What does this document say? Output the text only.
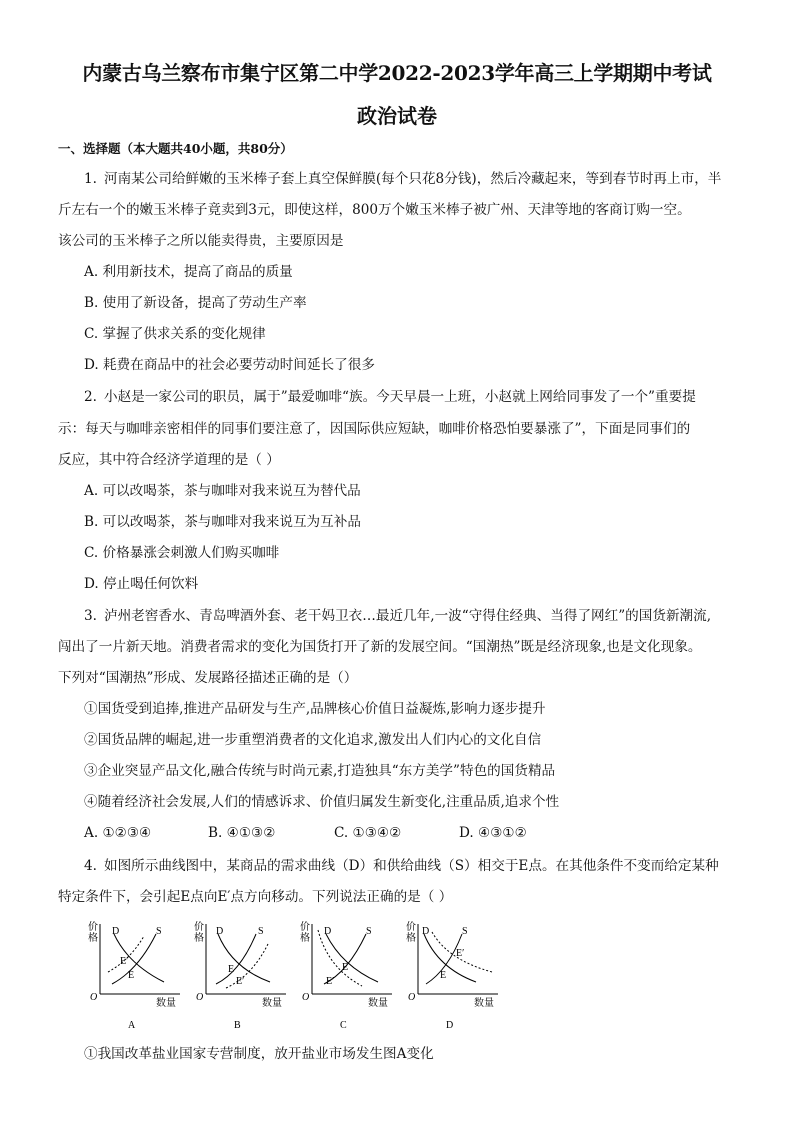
内蒙古乌兰察布市集宁区第二中学2022-2023学年高三上学期期中考试
政治试卷
一、选择题（本大题共40小题，共80分）
1. 河南某公司给鲜嫩的玉米棒子套上真空保鲜膜(每个只花8分钱)，然后冷藏起来，等到春节时再上市，半
斤左右一个的嫩玉米棒子竟卖到3元，即使这样，800万个嫩玉米棒子被广州、天津等地的客商订购一空。
该公司的玉米棒子之所以能卖得贵，主要原因是
A. 利用新技术，提高了商品的质量
B. 使用了新设备，提高了劳动生产率
C. 掌握了供求关系的变化规律
D. 耗费在商品中的社会必要劳动时间延长了很多
2. 小赵是一家公司的职员，属于”最爱咖啡“族。今天早晨一上班，小赵就上网给同事发了一个”重要提
示：每天与咖啡亲密相伴的同事们要注意了，因国际供应短缺，咖啡价格恐怕要暴涨了”，下面是同事们的
反应，其中符合经济学道理的是（ ）
A. 可以改喝茶，茶与咖啡对我来说互为替代品
B. 可以改喝茶，茶与咖啡对我来说互为互补品
C. 价格暴涨会刺激人们购买咖啡
D. 停止喝任何饮料
3. 泸州老窖香水、青岛啤酒外套、老干妈卫衣…最近几年,一波“守得住经典、当得了网红”的国货新潮流,
闯出了一片新天地。消费者需求的变化为国货打开了新的发展空间。“国潮热”既是经济现象,也是文化现象。
下列对“国潮热”形成、发展路径描述正确的是（）
①国货受到追捧,推进产品研发与生产,品牌核心价值日益凝炼,影响力逐步提升
②国货品牌的崛起,进一步重塑消费者的文化追求,激发出人们内心的文化自信
③企业突显产品文化,融合传统与时尚元素,打造独具“东方美学”特色的国货精品
④随着经济社会发展,人们的情感诉求、价值归属发生新变化,注重品质,追求个性
A. ①②③④	B. ④①③②	C. ①③④②	D. ④③①②
4. 如图所示曲线图中，某商品的需求曲线（D）和供给曲线（S）相交于E点。在其他条件不变而给定某种
特定条件下，会引起E点向E′点方向移动。下列说法正确的是（ ）
价
格
O
数量
D	S
E′
E
A
价
格
O
数量
D	S
E
E′
B
价
格
O
数量
D	S
E
E′
C
价
格
O
数量
D	S
E′
E
D
①我国改革盐业国家专营制度，放开盐业市场发生图A变化
